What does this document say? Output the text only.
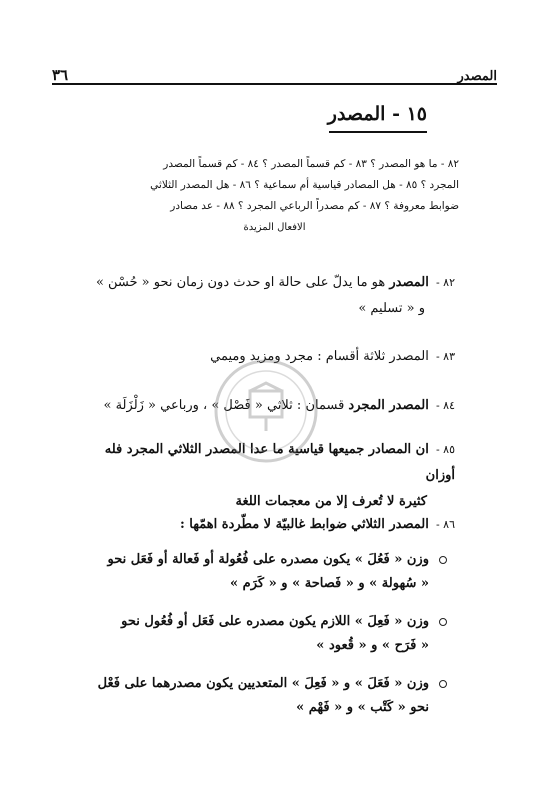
المصدر
٣٦
١٥ - المصدر
٨٢ - ما هو المصدر ؟ ٨٣ - كم قسماً المصدر ؟ ٨٤ - كم قسماً المصدر
المجرد ؟ ٨٥ - هل المصادر قياسية أم سماعية ؟ ٨٦ - هل المصدر الثلاثي
ضوابط معروفة ؟ ٨٧ - كم مصدراً الرباعي المجرد ؟ ٨٨ - عد مصادر
الافعال المزيدة
٨٢ - المصدر هو ما يدلّ على حالة او حدث دون زمان نحو « حُسْن »
و « تسليم »
٨٣ - المصدر ثلاثة أقسام : مجرد ومزيد وميمي
٨٤ - المصدر المجرد قسمان : ثلاثي « فَصْل » ، ورباعي « زَلْزَلَة »
٨٥ - ان المصادر جميعها قياسية ما عدا المصدر الثلاثي المجرد فله أوزان
كثيرة لا تُعرف إلا من معجمات اللغة
٨٦ - المصدر الثلاثي ضوابط غالبيّة لا مطّردة اهمّها :
وزن « فَعُلَ » يكون مصدره على فُعُولة أو فَعالة أو فَعَل نحو
« سُهولة » و « فَصاحة » و « كَرَم »
وزن « فَعِلَ » اللازم يكون مصدره على فَعَل أو فُعُول نحو
« فَرَح » و « قُعود »
وزن « فَعَلَ » و « فَعِلَ » المتعديين يكون مصدرهما على فَعْل
نحو « كَتْب » و « فَهْم »
